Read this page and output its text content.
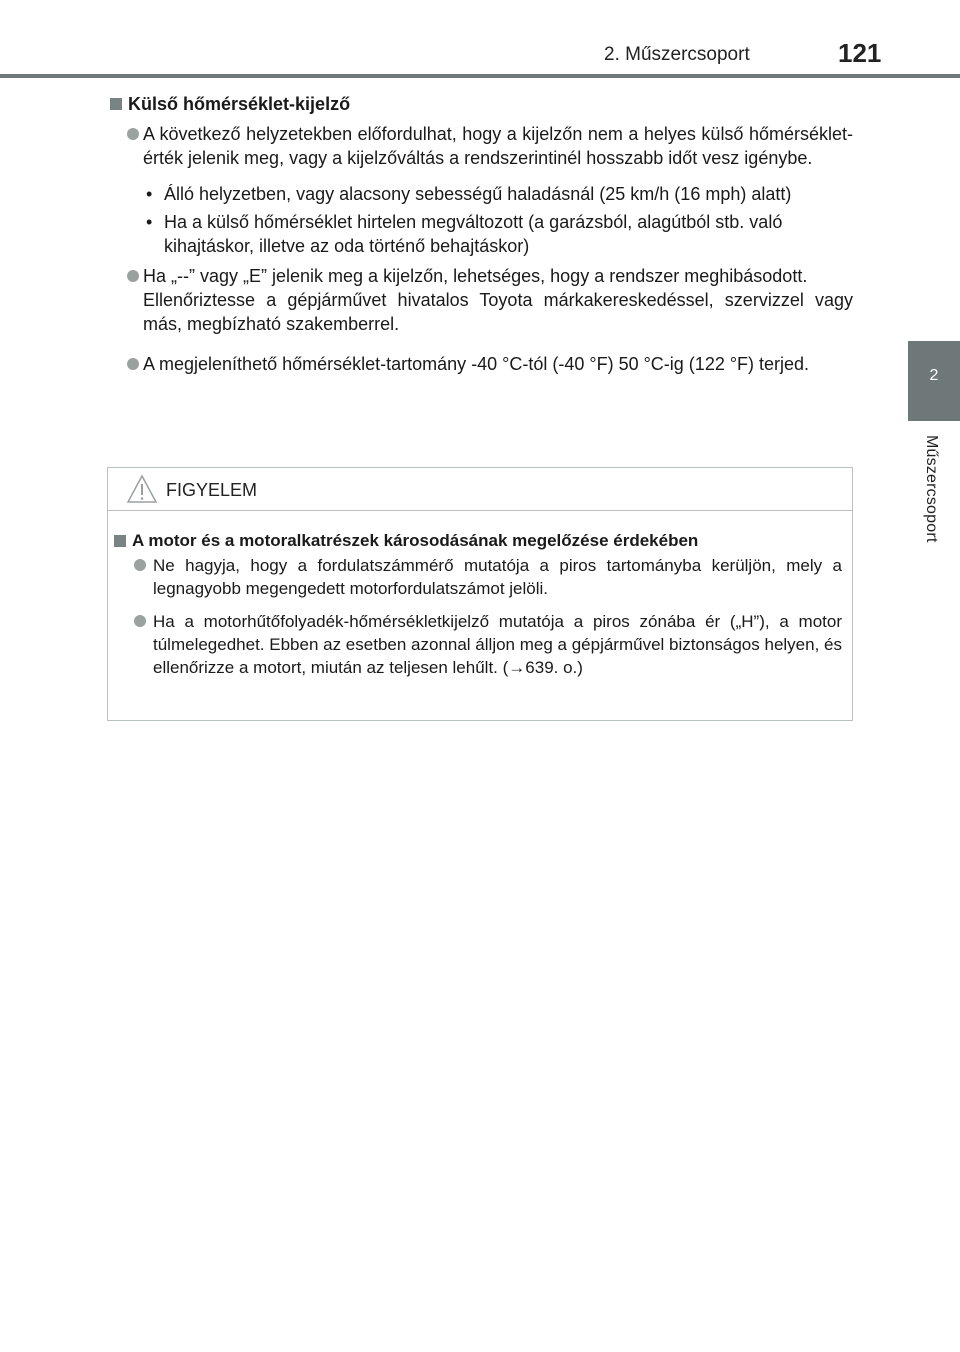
2. Műszercsoport	121
2
Műszercsoport
Külső hőmérséklet-kijelző
A következő helyzetekben előfordulhat, hogy a kijelzőn nem a helyes külső hőmérséklet-érték jelenik meg, vagy a kijelzőváltás a rendszerintinél hosszabb időt vesz igénybe.
• Álló helyzetben, vagy alacsony sebességű haladásnál (25 km/h (16 mph) alatt)
• Ha a külső hőmérséklet hirtelen megváltozott (a garázsból, alagútból stb. való kihajtáskor, illetve az oda történő behajtáskor)
Ha „--” vagy „E” jelenik meg a kijelzőn, lehetséges, hogy a rendszer meghibásodott.
Ellenőriztesse a gépjárművet hivatalos Toyota márkakereskedéssel, szervizzel vagy más, megbízható szakemberrel.
A megjeleníthető hőmérséklet-tartomány -40 °C-tól (-40 °F) 50 °C-ig (122 °F) terjed.
FIGYELEM
A motor és a motoralkatrészek károsodásának megelőzése érdekében
Ne hagyja, hogy a fordulatszámmérő mutatója a piros tartományba kerüljön, mely a legnagyobb megengedett motorfordulatszámot jelöli.
Ha a motorhűtőfolyadék-hőmérsékletkijelző mutatója a piros zónába ér („H”), a motor túlmelegedhet. Ebben az esetben azonnal álljon meg a gépjárművel biztonságos helyen, és ellenőrizze a motort, miután az teljesen lehűlt. (→639. o.)
